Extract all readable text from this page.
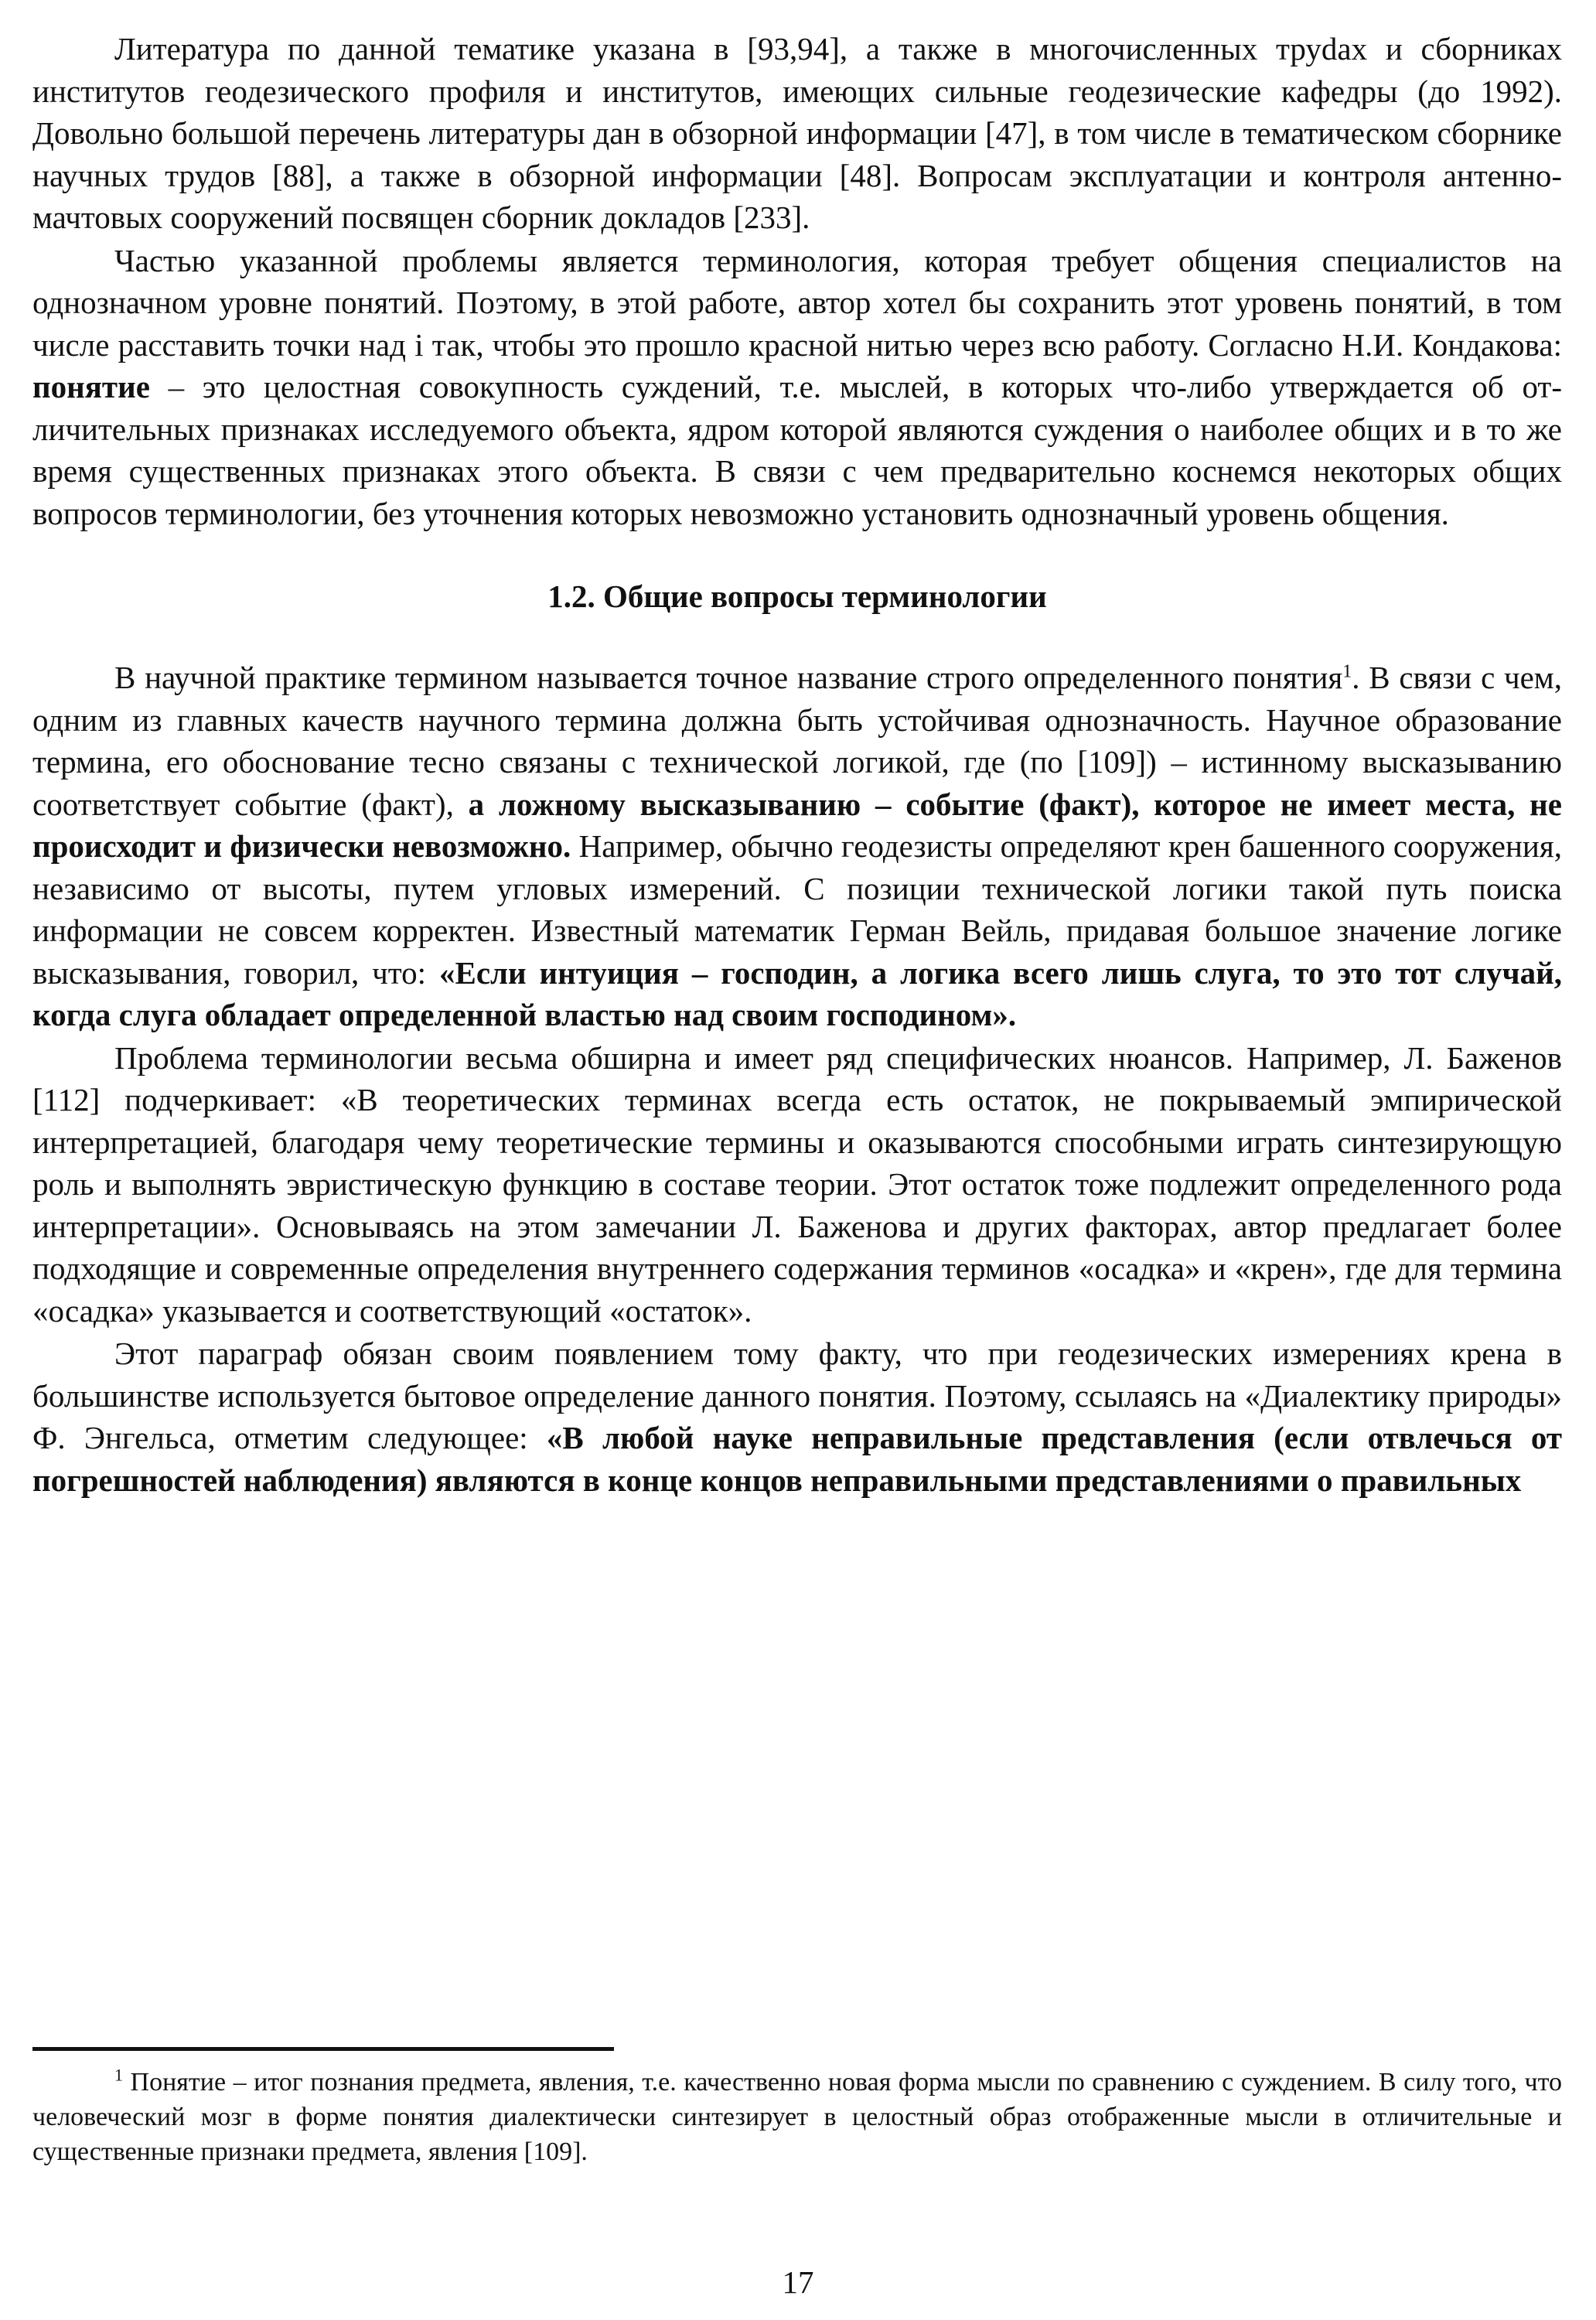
Литература по данной тематике указана в [93,94], а также в многочисленных труdах и сборниках институтов геодезического профиля и институтов, имеющих сильные геодезические кафедры (до 1992). Довольно большой перечень литературы дан в обзорной информации [47], в том числе в тематическом сборнике научных трудов [88], а также в обзорной информации [48]. Вопросам эксплуатации и контроля антенно-мачтовых сооружений посвящен сборник докладов [233].

Частью указанной проблемы является терминология, которая требует общения специалистов на однозначном уровне понятий. Поэтому, в этой работе, автор хотел бы сохранить этот уровень понятий, в том числе расставить точки над i так, чтобы это прошло красной нитью через всю работу. Согласно Н.И. Кондакова: понятие – это целостная совокупность суждений, т.е. мыслей, в которых что-либо утверждается об отличительных признаках исследуемого объекта, ядром которой являются суждения о наиболее общих и в то же время существенных признаках этого объекта. В связи с чем предварительно коснемся некоторых общих вопросов терминологии, без уточнения которых невозможно установить однозначный уровень общения.

1.2. Общие вопросы терминологии

В научной практике термином называется точное название строго определенного понятия$^1$. В связи с чем, одним из главных качеств научного термина должна быть устойчивая однозначность. Научное образование термина, его обоснование тесно связаны с технической логикой, где (по [109]) – истинному высказыванию соответствует событие (факт), а ложному высказыванию – событие (факт), которое не имеет места, не происходит и физически невозможно. Например, обычно геодезисты определяют крен башенного сооружения, независимо от высоты, путем угловых измерений. С позиции технической логики такой путь поиска информации не совсем корректен. Известный математик Герман Вейль, придавая большое значение логике высказывания, говорил, что: «Если интуиция – господин, а логика всего лишь слуга, то это тот случай, когда слуга обладает определенной властью над своим господином».

Проблема терминологии весьма обширна и имеет ряд специфических нюансов. Например, Л. Баженов [112] подчеркивает: «В теоретических терминах всегда есть остаток, не покрываемый эмпирической интерпретацией, благодаря чему теоретические термины и оказываются способными играть синтезирующую роль и выполнять эвристическую функцию в составе теории. Этот остаток тоже подлежит определенного рода интерпретации». Основываясь на этом замечании Л. Баженова и других факторах, автор предлагает более подходящие и современные определения внутреннего содержания терминов «осадка» и «крен», где для термина «осадка» указывается и соответствующий «остаток».

Этот параграф обязан своим появлением тому факту, что при геодезических измерениях крена в большинстве используется бытовое определение данного понятия. Поэтому, ссылаясь на «Диалектику природы» Ф. Энгельса, отметим следующее: «В любой науке неправильные представления (если отвлечься от погрешностей наблюдения) являются в конце концов неправильными представлениями о правильных

$^1$ Понятие – итог познания предмета, явления, т.е. качественно новая форма мысли по сравнению с суждением. В силу того, что человеческий мозг в форме понятия диалектически синтезирует в целостный образ отображенные мысли в отличительные и существенные признаки предмета, явления [109].

17
